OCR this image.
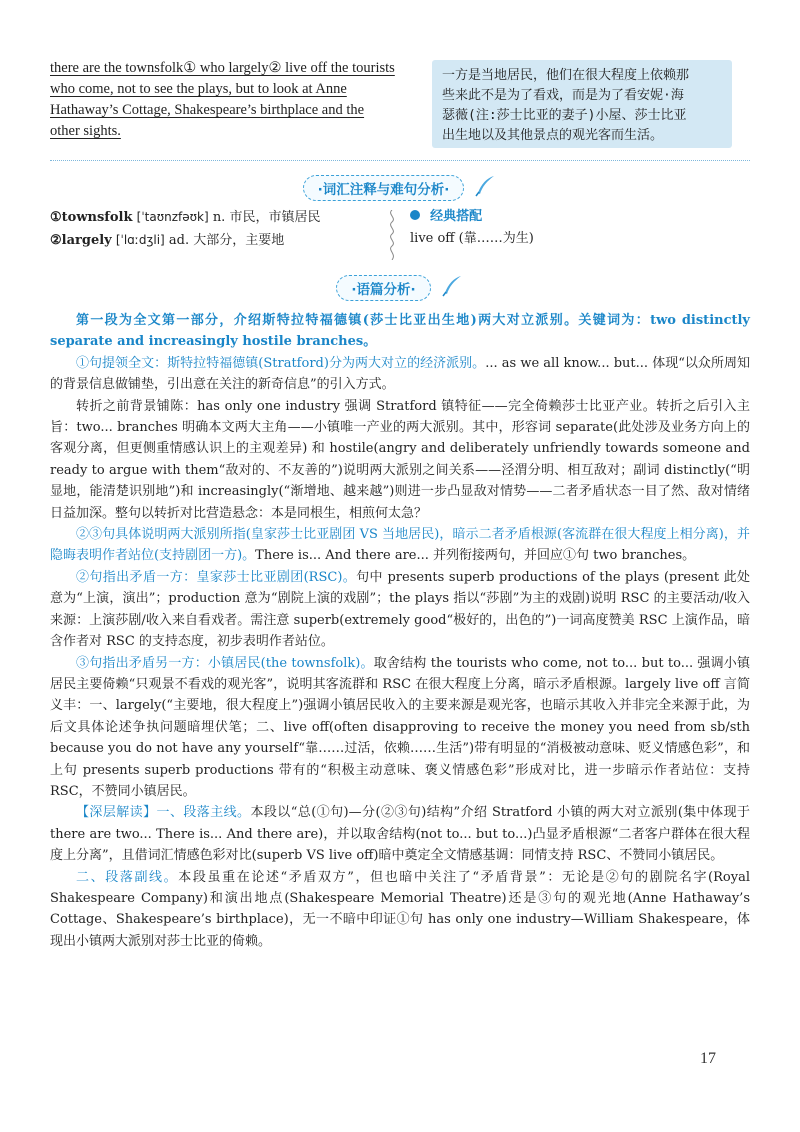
there are the townsfolk① who largely② live off the tourists
who come, not to see the plays, but to look at Anne
Hathaway’s Cottage, Shakespeare’s birthplace and the
other sights.
一方是当地居民，他们在很大程度上依赖那
些来此不是为了看戏，而是为了看安妮·海
瑟薇(注:莎士比亚的妻子)小屋、莎士比亚
出生地以及其他景点的观光客而生活。
·词汇注释与难句分析·
①townsfolk [ˈtaʊnzfəʊk] n. 市民，市镇居民
②largely [ˈlɑːdʒli] ad. 大部分，主要地
经典搭配
live off (靠……为生)
·语篇分析·

第一段为全文第一部分，介绍斯特拉特福德镇(莎士比亚出生地)两大对立派别。关键词为：two distinctly separate and increasingly hostile branches。

①句提领全文：斯特拉特福德镇(Stratford)分为两大对立的经济派别。... as we all know... but... 体现“以众所周知的背景信息做铺垫，引出意在关注的新奇信息”的引入方式。

转折之前背景铺陈：has only one industry 强调 Stratford 镇特征——完全倚赖莎士比亚产业。转折之后引入主旨：two... branches 明确本文两大主角——小镇唯一产业的两大派别。其中，形容词 separate(此处涉及业务方向上的客观分离，但更侧重情感认识上的主观差异) 和 hostile(angry and deliberately unfriendly towards someone and ready to argue with them“敌对的、不友善的”)说明两大派别之间关系——泾渭分明、相互敌对；副词 distinctly(“明显地，能清楚识别地”)和 increasingly(“渐增地、越来越”)则进一步凸显敌对情势——二者矛盾状态一目了然、敌对情绪日益加深。整句以转折对比营造悬念：本是同根生，相煎何太急？

②③句具体说明两大派别所指(皇家莎士比亚剧团 VS 当地居民)，暗示二者矛盾根源(客流群在很大程度上相分离)，并隐晦表明作者站位(支持剧团一方)。There is... And there are... 并列衔接两句，并回应①句 two branches。

②句指出矛盾一方：皇家莎士比亚剧团(RSC)。句中 presents superb productions of the plays (present 此处意为“上演，演出”；production 意为“剧院上演的戏剧”；the plays 指以“莎剧”为主的戏剧)说明 RSC 的主要活动/收入来源：上演莎剧/收入来自看戏者。需注意 superb(extremely good“极好的，出色的”)一词高度赞美 RSC 上演作品，暗含作者对 RSC 的支持态度，初步表明作者站位。

③句指出矛盾另一方：小镇居民(the townsfolk)。取舍结构 the tourists who come, not to... but to... 强调小镇居民主要倚赖“只观景不看戏的观光客”，说明其客流群和 RSC 在很大程度上分离，暗示矛盾根源。largely live off 言简义丰：一、largely(“主要地，很大程度上”)强调小镇居民收入的主要来源是观光客，也暗示其收入并非完全来源于此，为后文具体论述争执问题暗埋伏笔；二、live off(often disapproving to receive the money you need from sb/sth because you do not have any yourself“靠……过活，依赖……生活”)带有明显的“消极被动意味、贬义情感色彩”，和上句 presents superb productions 带有的“积极主动意味、褒义情感色彩”形成对比，进一步暗示作者站位：支持 RSC，不赞同小镇居民。

【深层解读】一、段落主线。本段以“总(①句)—分(②③句)结构”介绍 Stratford 小镇的两大对立派别(集中体现于 there are two... There is... And there are)，并以取舍结构(not to... but to...)凸显矛盾根源“二者客户群体在很大程度上分离”，且借词汇情感色彩对比(superb VS live off)暗中奠定全文情感基调：同情支持 RSC、不赞同小镇居民。

二、段落副线。本段虽重在论述“矛盾双方”，但也暗中关注了“矛盾背景”：无论是②句的剧院名字(Royal Shakespeare Company)和演出地点(Shakespeare Memorial Theatre)还是③句的观光地(Anne Hathaway’s Cottage、Shakespeare’s birthplace)，无一不暗中印证①句 has only one industry—William Shakespeare，体现出小镇两大派别对莎士比亚的倚赖。

17
